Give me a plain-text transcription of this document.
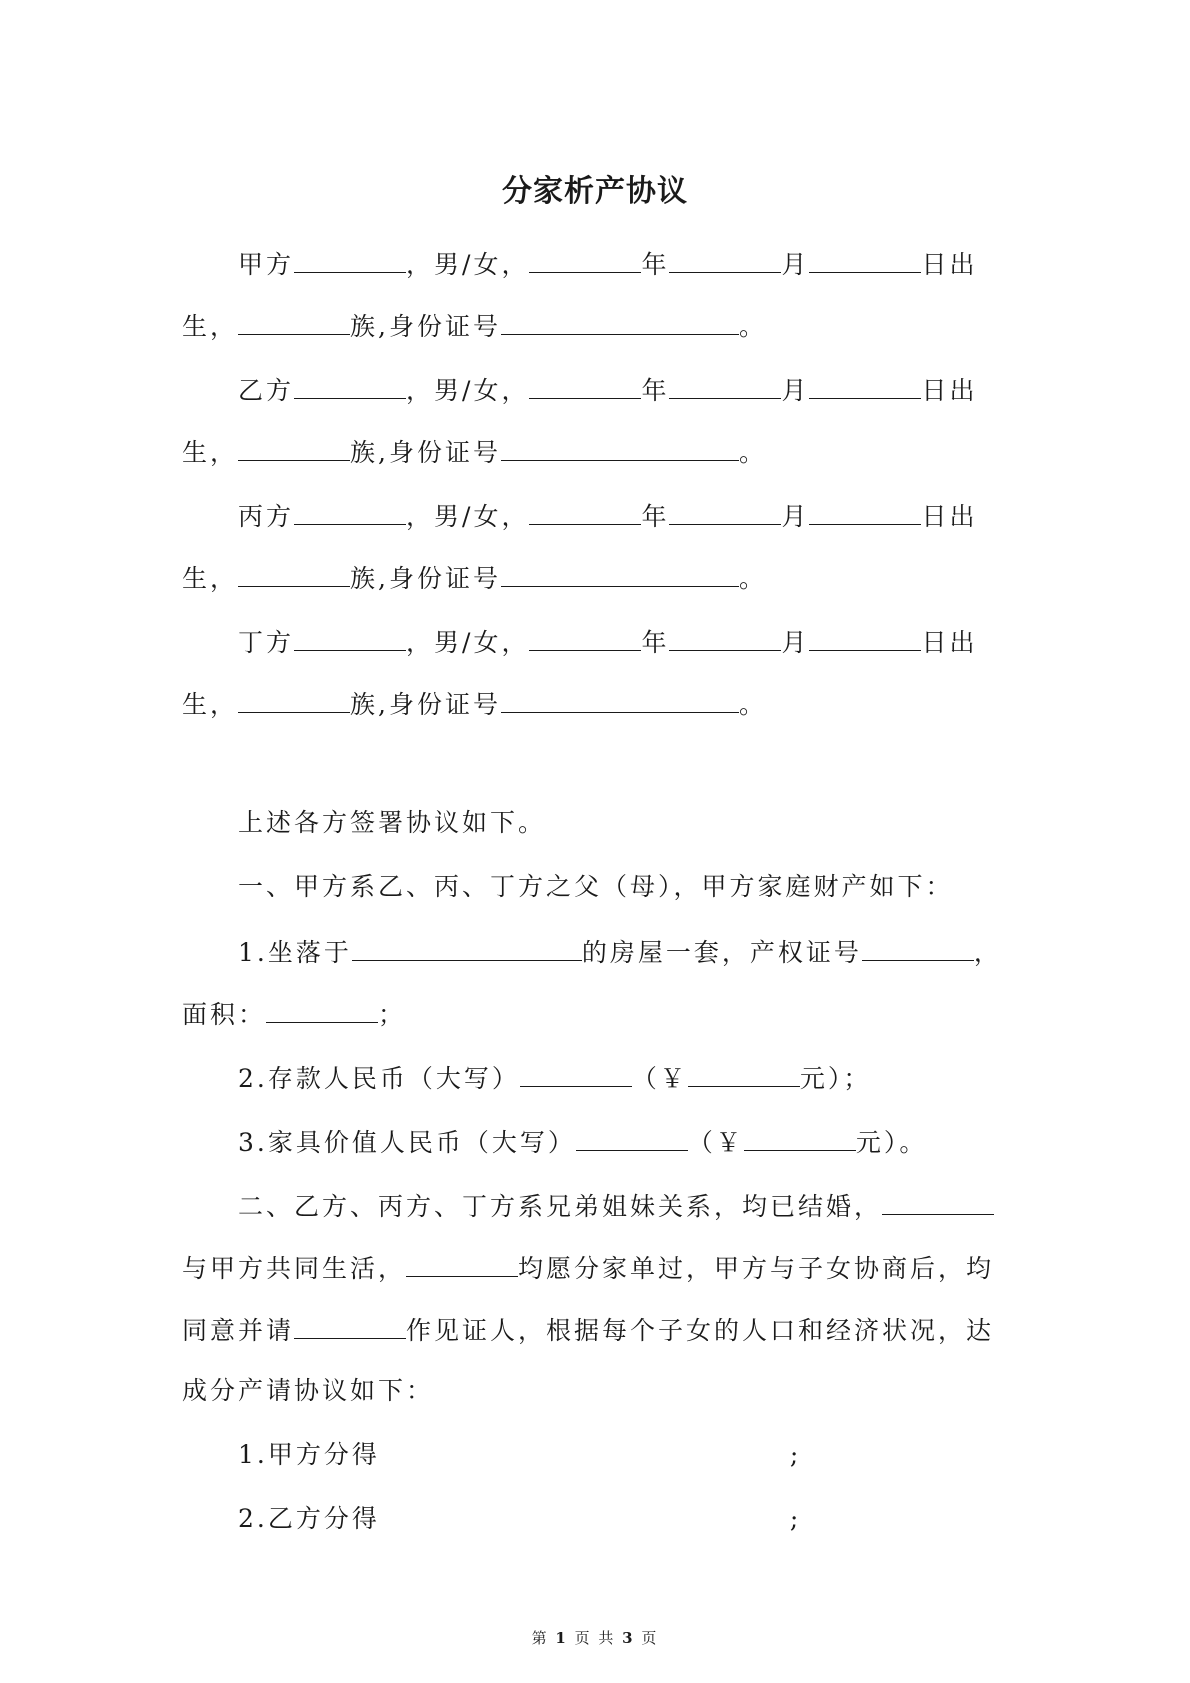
分家析产协议
甲方	，男/女，	年	月	日出
生，	族,身份证号	。
乙方	，男/女，	年	月	日出
生，	族,身份证号	。
丙方	，男/女，	年	月	日出
生，	族,身份证号	。
丁方	，男/女，	年	月	日出
生，	族,身份证号	。
上述各方签署协议如下。
一、甲方系乙、丙、丁方之父（母），甲方家庭财产如下：
1.坐落于	的房屋一套，产权证号	，
面积：	；
2.存款人民币（大写）	（￥	元）；
3.家具价值人民币（大写）	（￥	元）。
二、乙方、丙方、丁方系兄弟姐妹关系，均已结婚，
与甲方共同生活，	均愿分家单过，甲方与子女协商后，均
同意并请	作见证人，根据每个子女的人口和经济状况，达
成分产请协议如下：
1.甲方分得	;
2.乙方分得	;
第 1 页 共 3 页
